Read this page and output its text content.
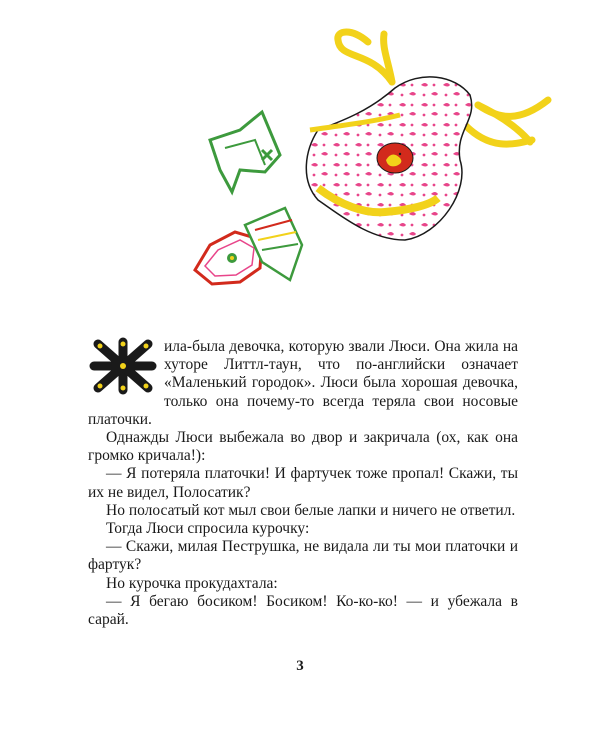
ила-была девочка, которую звали Люси. Она жила на хуторе Литтл-таун, что по-английски означает «Маленький городок». Люси была хорошая девочка, только она почему-то всегда теряла свои носовые платочки.

Однажды Люси выбежала во двор и закричала (ох, как она громко кричала!):

— Я потеряла платочки! И фартучек тоже пропал! Скажи, ты их не видел, Полосатик?

Но полосатый кот мыл свои белые лапки и ничего не ответил.

Тогда Люси спросила курочку:

— Скажи, милая Пеструшка, не видала ли ты мои платочки и фартук?

Но курочка прокудахтала:

— Я бегаю босиком! Босиком! Ко-ко-ко! — и убежала в сарай.

3
